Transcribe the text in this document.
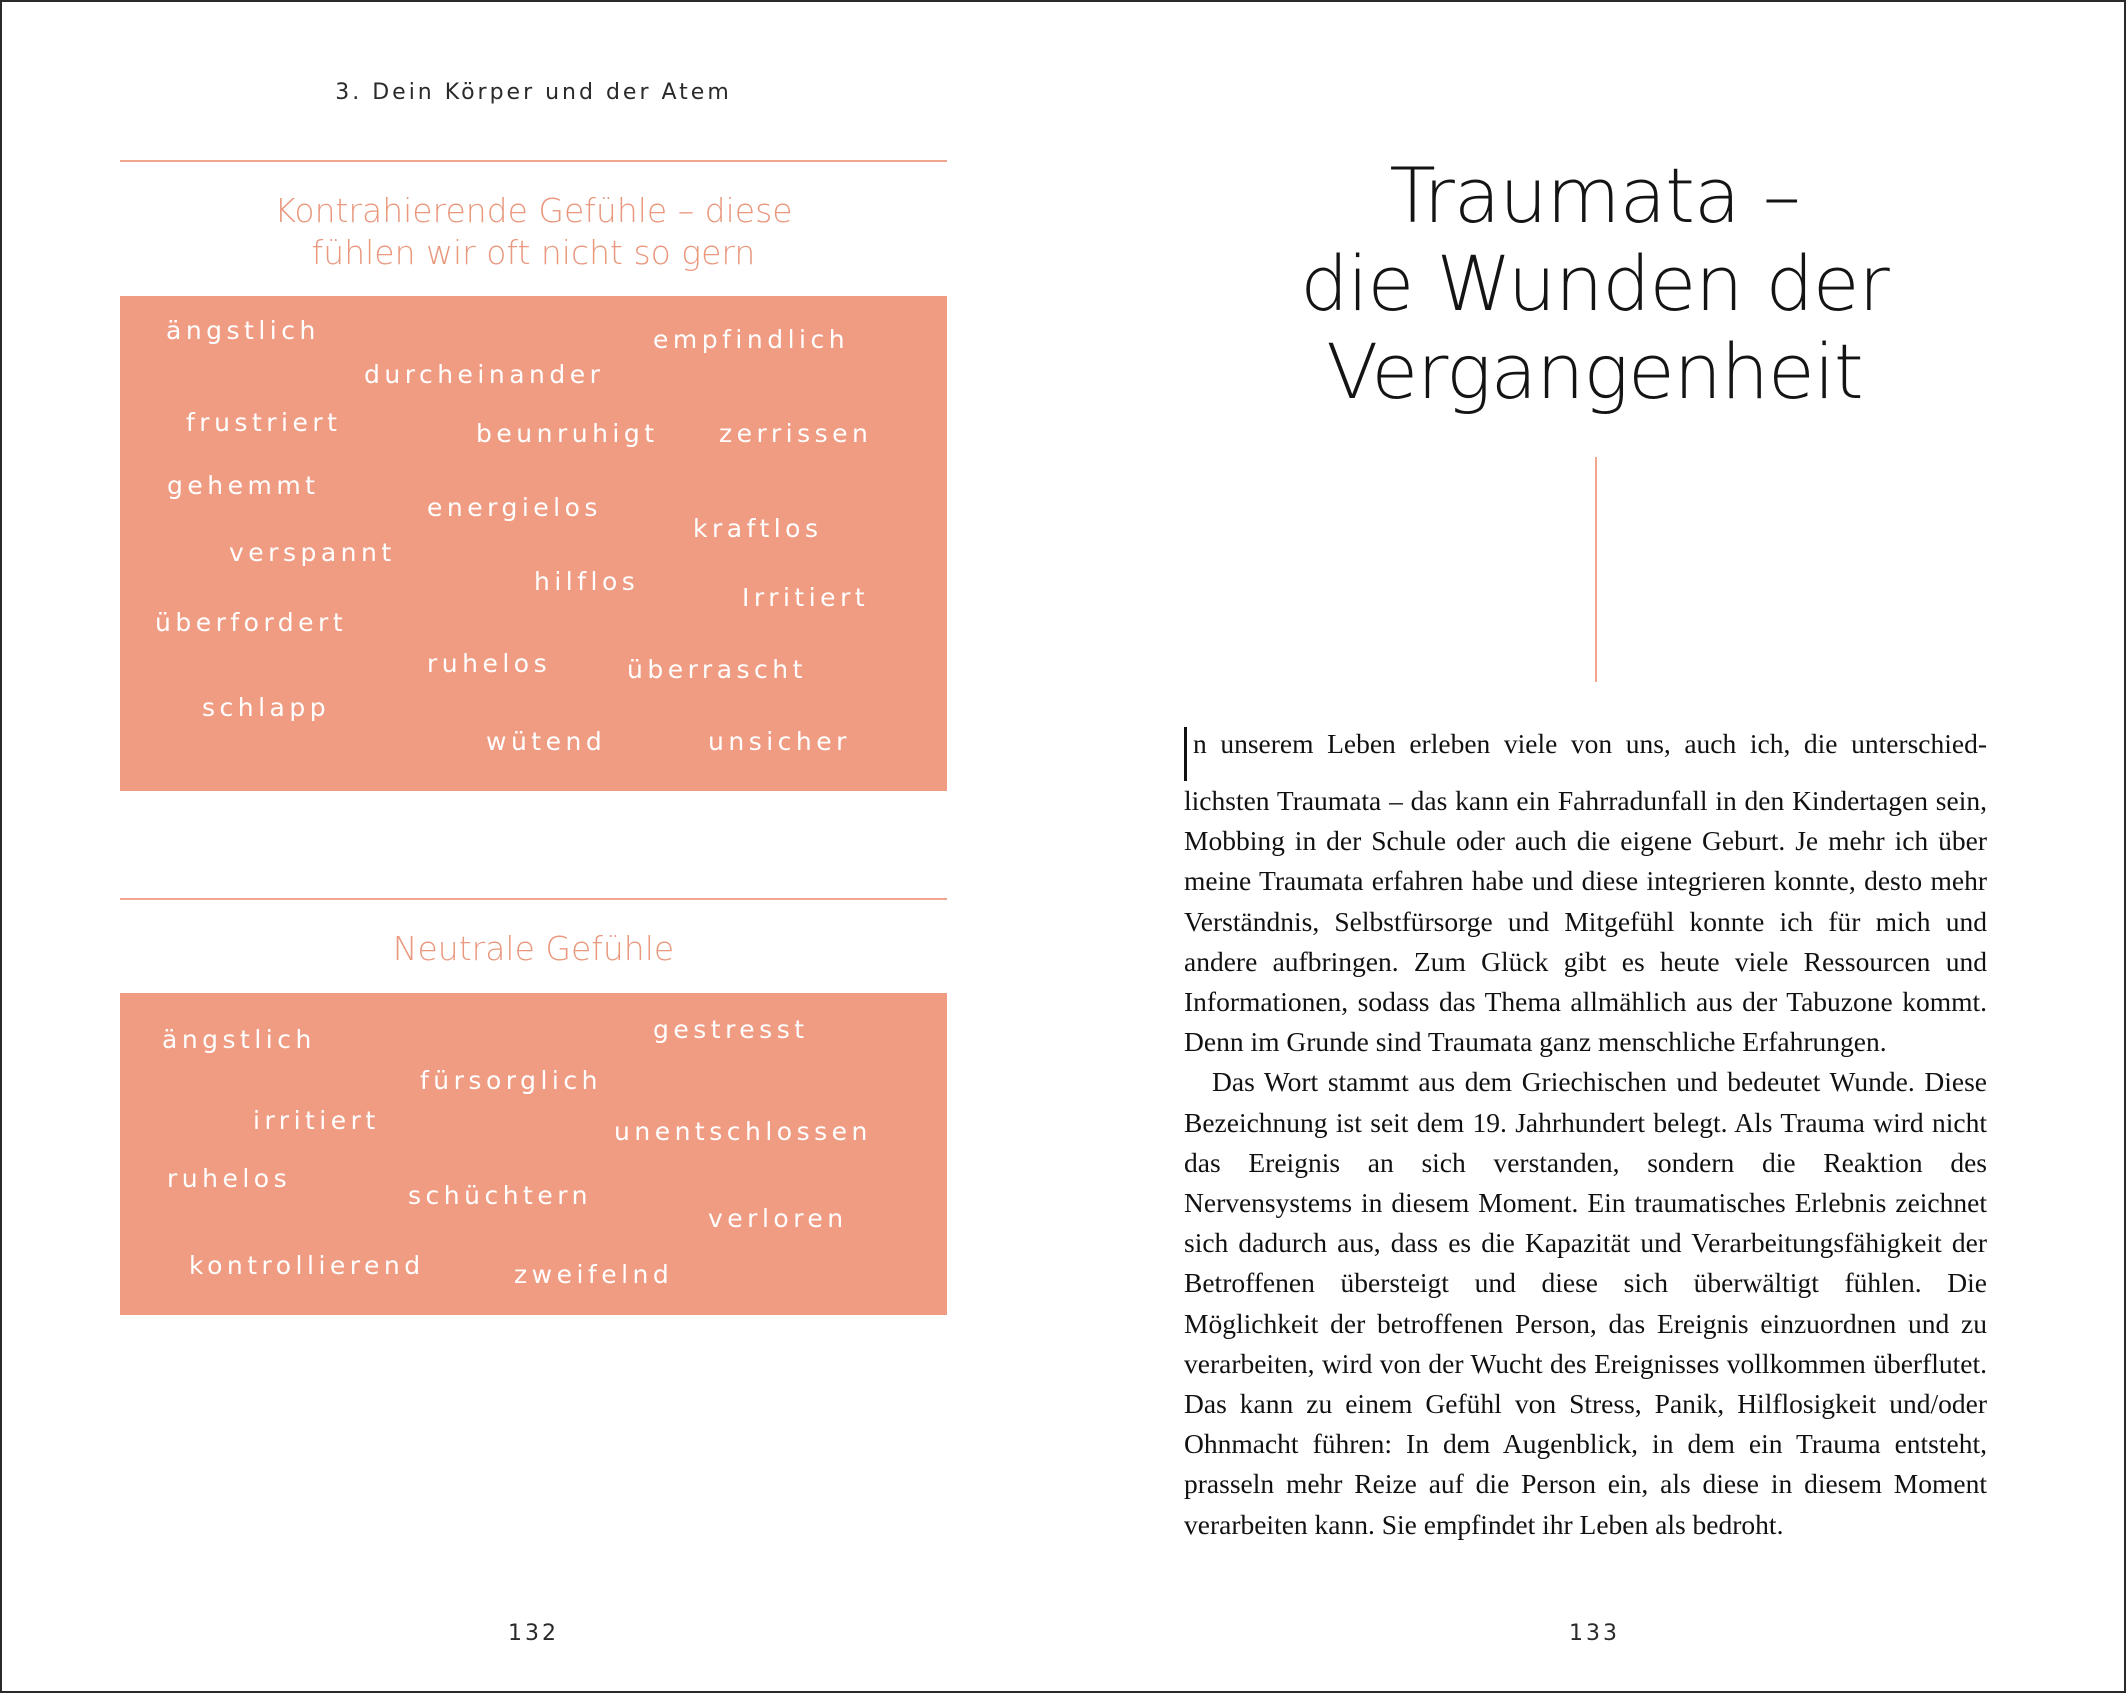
3. Dein Körper und der Atem
Kontrahierende Gefühle – diese
fühlen wir oft nicht so gern
ängstlich	empfindlich
durcheinander
frustriert	beunruhigt zerrissen
gehemmt
energielos
kraftlos
verspannt
hilflos
Irritiert
überfordert
ruhelos	überrascht
schlapp
wütend	unsicher
Neutrale Gefühle
ängstlich	gestresst
fürsorglich
irritiert	unentschlossen
ruhelos
schüchtern
verloren
kontrollierend	zweifelnd
132
Traumata –
die Wunden der
Vergangenheit

n unserem Leben erleben viele von uns, auch ich, die unterschiedlichsten Traumata – das kann ein Fahrradunfall in den Kindertagen sein, Mobbing in der Schule oder auch die eigene Geburt. Je mehr ich über meine Traumata erfahren habe und diese integrieren konnte, desto mehr Verständnis, Selbstfürsorge und Mitgefühl konnte ich für mich und andere aufbringen. Zum Glück gibt es heute viele Ressourcen und Informationen, sodass das Thema allmählich aus der Tabuzone kommt. Denn im Grunde sind Traumata ganz menschliche Erfahrungen.

Das Wort stammt aus dem Griechischen und bedeutet Wunde. Diese Bezeichnung ist seit dem 19. Jahrhundert belegt. Als Trauma wird nicht das Ereignis an sich verstanden, sondern die Reaktion des Nervensystems in diesem Moment. Ein traumatisches Erlebnis zeichnet sich dadurch aus, dass es die Kapazität und Verarbeitungsfähigkeit der Betroffenen übersteigt und diese sich überwältigt fühlen. Die Möglichkeit der betroffenen Person, das Ereignis einzuordnen und zu verarbeiten, wird von der Wucht des Ereignisses vollkommen überflutet. Das kann zu einem Gefühl von Stress, Panik, Hilflosigkeit und/oder Ohnmacht führen: In dem Augenblick, in dem ein Trauma entsteht, prasseln mehr Reize auf die Person ein, als diese in diesem Moment verarbeiten kann. Sie empfindet ihr Leben als bedroht.

133
